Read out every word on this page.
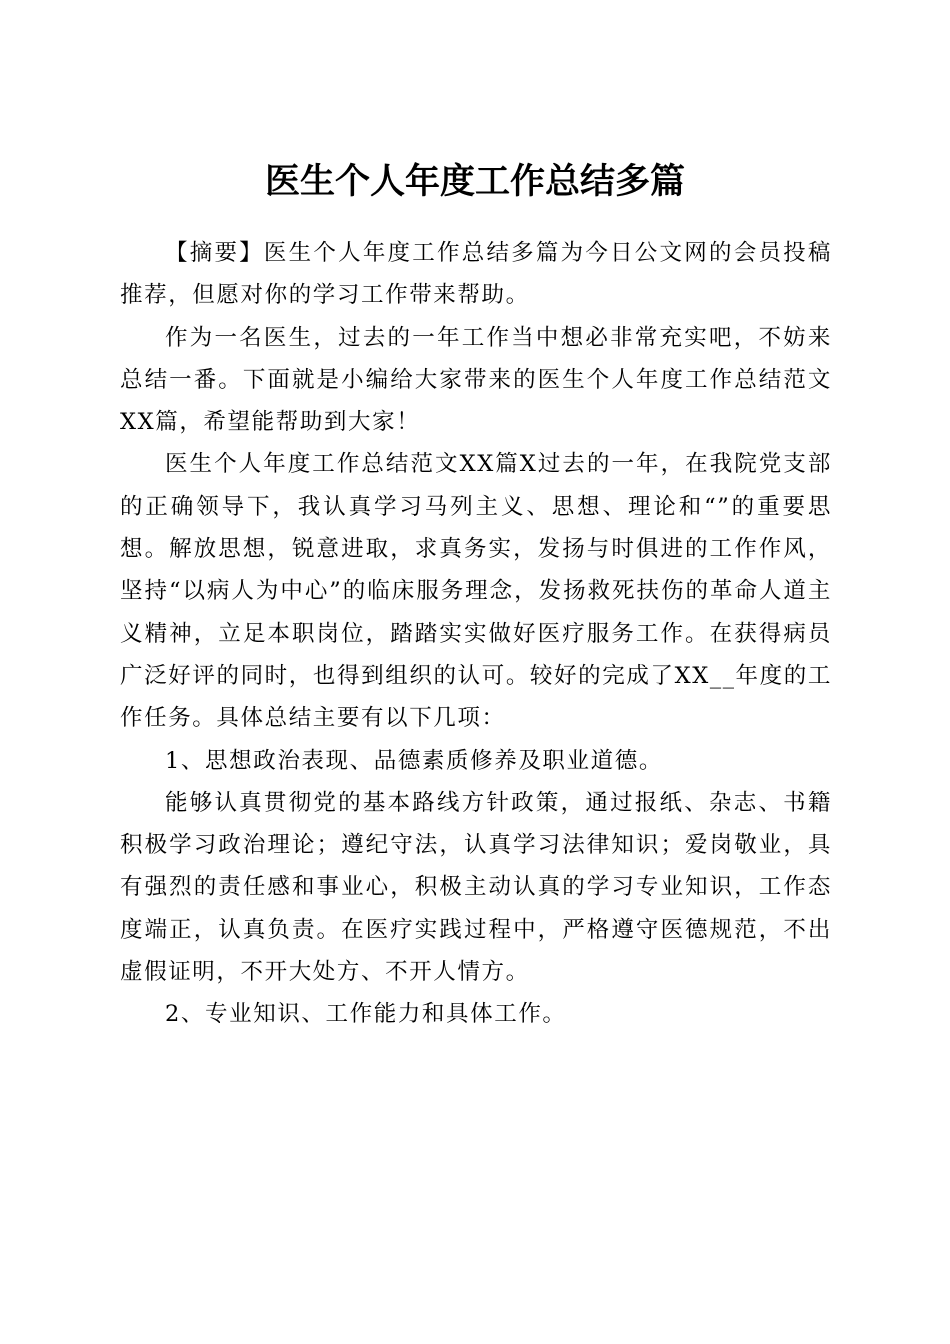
医生个人年度工作总结多篇

【摘要】医生个人年度工作总结多篇为今日公文网的会员投稿推荐，但愿对你的学习工作带来帮助。

作为一名医生，过去的一年工作当中想必非常充实吧，不妨来总结一番。下面就是小编给大家带来的医生个人年度工作总结范文XX篇，希望能帮助到大家！

医生个人年度工作总结范文XX篇X过去的一年，在我院党支部的正确领导下，我认真学习马列主义、思想、理论和“”的重要思想。解放思想，锐意进取，求真务实，发扬与时俱进的工作作风，坚持“以病人为中心”的临床服务理念，发扬救死扶伤的革命人道主义精神，立足本职岗位，踏踏实实做好医疗服务工作。在获得病员广泛好评的同时，也得到组织的认可。较好的完成了XX__年度的工作任务。具体总结主要有以下几项：

1、思想政治表现、品德素质修养及职业道德。

能够认真贯彻党的基本路线方针政策，通过报纸、杂志、书籍积极学习政治理论；遵纪守法，认真学习法律知识；爱岗敬业，具有强烈的责任感和事业心，积极主动认真的学习专业知识，工作态度端正，认真负责。在医疗实践过程中，严格遵守医德规范，不出虚假证明，不开大处方、不开人情方。

2、专业知识、工作能力和具体工作。
